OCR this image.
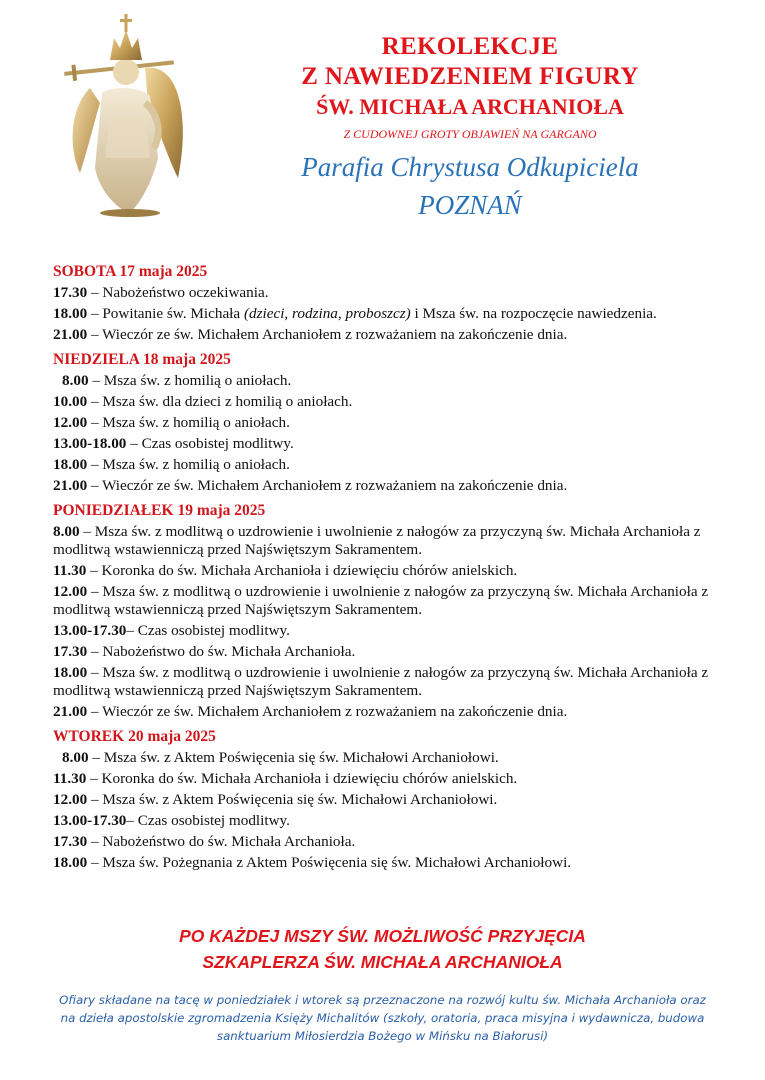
REKOLEKCJE
Z NAWIEDZENIEM FIGURY
ŚW. MICHAŁA ARCHANIOŁA
Z CUDOWNEJ GROTY OBJAWIEŃ NA GARGANO
Parafia Chrystusa Odkupiciela
POZNAŃ
SOBOTA 17 maja 2025
17.30 – Nabożeństwo oczekiwania.
18.00 – Powitanie św. Michała (dzieci, rodzina, proboszcz) i Msza św. na rozpoczęcie nawiedzenia.
21.00 – Wieczór ze św. Michałem Archaniołem z rozważaniem na zakończenie dnia.
NIEDZIELA 18 maja 2025
8.00 – Msza św. z homilią o aniołach.
10.00 – Msza św. dla dzieci z homilią o aniołach.
12.00 – Msza św. z homilią o aniołach.
13.00-18.00 – Czas osobistej modlitwy.
18.00 – Msza św. z homilią o aniołach.
21.00 – Wieczór ze św. Michałem Archaniołem z rozważaniem na zakończenie dnia.
PONIEDZIAŁEK 19 maja 2025
8.00 – Msza św. z modlitwą o uzdrowienie i uwolnienie z nałogów za przyczyną św. Michała Archanioła z modlitwą wstawienniczą przed Najświętszym Sakramentem.
11.30 – Koronka do św. Michała Archanioła i dziewięciu chórów anielskich.
12.00 – Msza św. z modlitwą o uzdrowienie i uwolnienie z nałogów za przyczyną św. Michała Archanioła z modlitwą wstawienniczą przed Najświętszym Sakramentem.
13.00-17.30– Czas osobistej modlitwy.
17.30 – Nabożeństwo do św. Michała Archanioła.
18.00 – Msza św. z modlitwą o uzdrowienie i uwolnienie z nałogów za przyczyną św. Michała Archanioła z modlitwą wstawienniczą przed Najświętszym Sakramentem.
21.00 – Wieczór ze św. Michałem Archaniołem z rozważaniem na zakończenie dnia.
WTOREK 20 maja 2025
8.00 – Msza św. z Aktem Poświęcenia się św. Michałowi Archaniołowi.
11.30 – Koronka do św. Michała Archanioła i dziewięciu chórów anielskich.
12.00 – Msza św. z Aktem Poświęcenia się św. Michałowi Archaniołowi.
13.00-17.30– Czas osobistej modlitwy.
17.30 – Nabożeństwo do św. Michała Archanioła.
18.00 – Msza św. Pożegnania z Aktem Poświęcenia się św. Michałowi Archaniołowi.
PO KAŻDEJ MSZY ŚW. MOŻLIWOŚĆ PRZYJĘCIA
SZKAPLERZA ŚW. MICHAŁA ARCHANIOŁA
Ofiary składane na tacę w poniedziałek i wtorek są przeznaczone na rozwój kultu św. Michała Archanioła oraz na dzieła apostolskie zgromadzenia Księży Michalitów (szkoły, oratoria, praca misyjna i wydawnicza, budowa sanktuarium Miłosierdzia Bożego w Mińsku na Białorusi)
